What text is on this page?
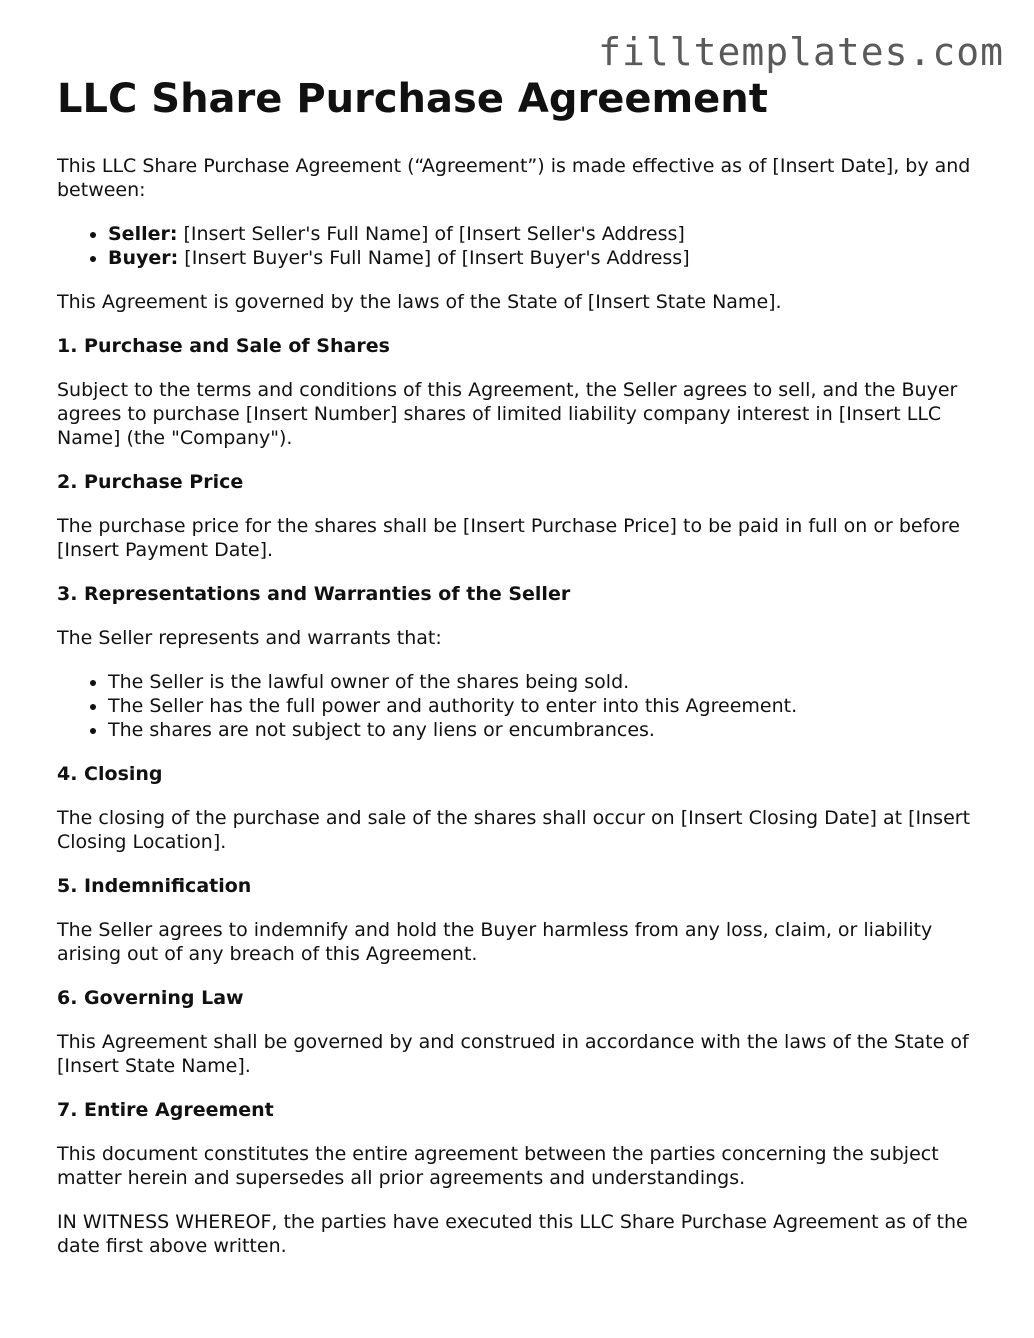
filltemplates.com
LLC Share Purchase Agreement

This LLC Share Purchase Agreement (“Agreement”) is made effective as of [Insert Date], by and between:

Seller: [Insert Seller's Full Name] of [Insert Seller's Address]
Buyer: [Insert Buyer's Full Name] of [Insert Buyer's Address]

This Agreement is governed by the laws of the State of [Insert State Name].

1. Purchase and Sale of Shares

Subject to the terms and conditions of this Agreement, the Seller agrees to sell, and the Buyer agrees to purchase [Insert Number] shares of limited liability company interest in [Insert LLC Name] (the "Company").

2. Purchase Price

The purchase price for the shares shall be [Insert Purchase Price] to be paid in full on or before [Insert Payment Date].

3. Representations and Warranties of the Seller

The Seller represents and warrants that:

The Seller is the lawful owner of the shares being sold.
The Seller has the full power and authority to enter into this Agreement.
The shares are not subject to any liens or encumbrances.
4. Closing

The closing of the purchase and sale of the shares shall occur on [Insert Closing Date] at [Insert Closing Location].

5. Indemnification

The Seller agrees to indemnify and hold the Buyer harmless from any loss, claim, or liability arising out of any breach of this Agreement.

6. Governing Law

This Agreement shall be governed by and construed in accordance with the laws of the State of [Insert State Name].

7. Entire Agreement

This document constitutes the entire agreement between the parties concerning the subject matter herein and supersedes all prior agreements and understandings.

IN WITNESS WHEREOF, the parties have executed this LLC Share Purchase Agreement as of the date first above written.
